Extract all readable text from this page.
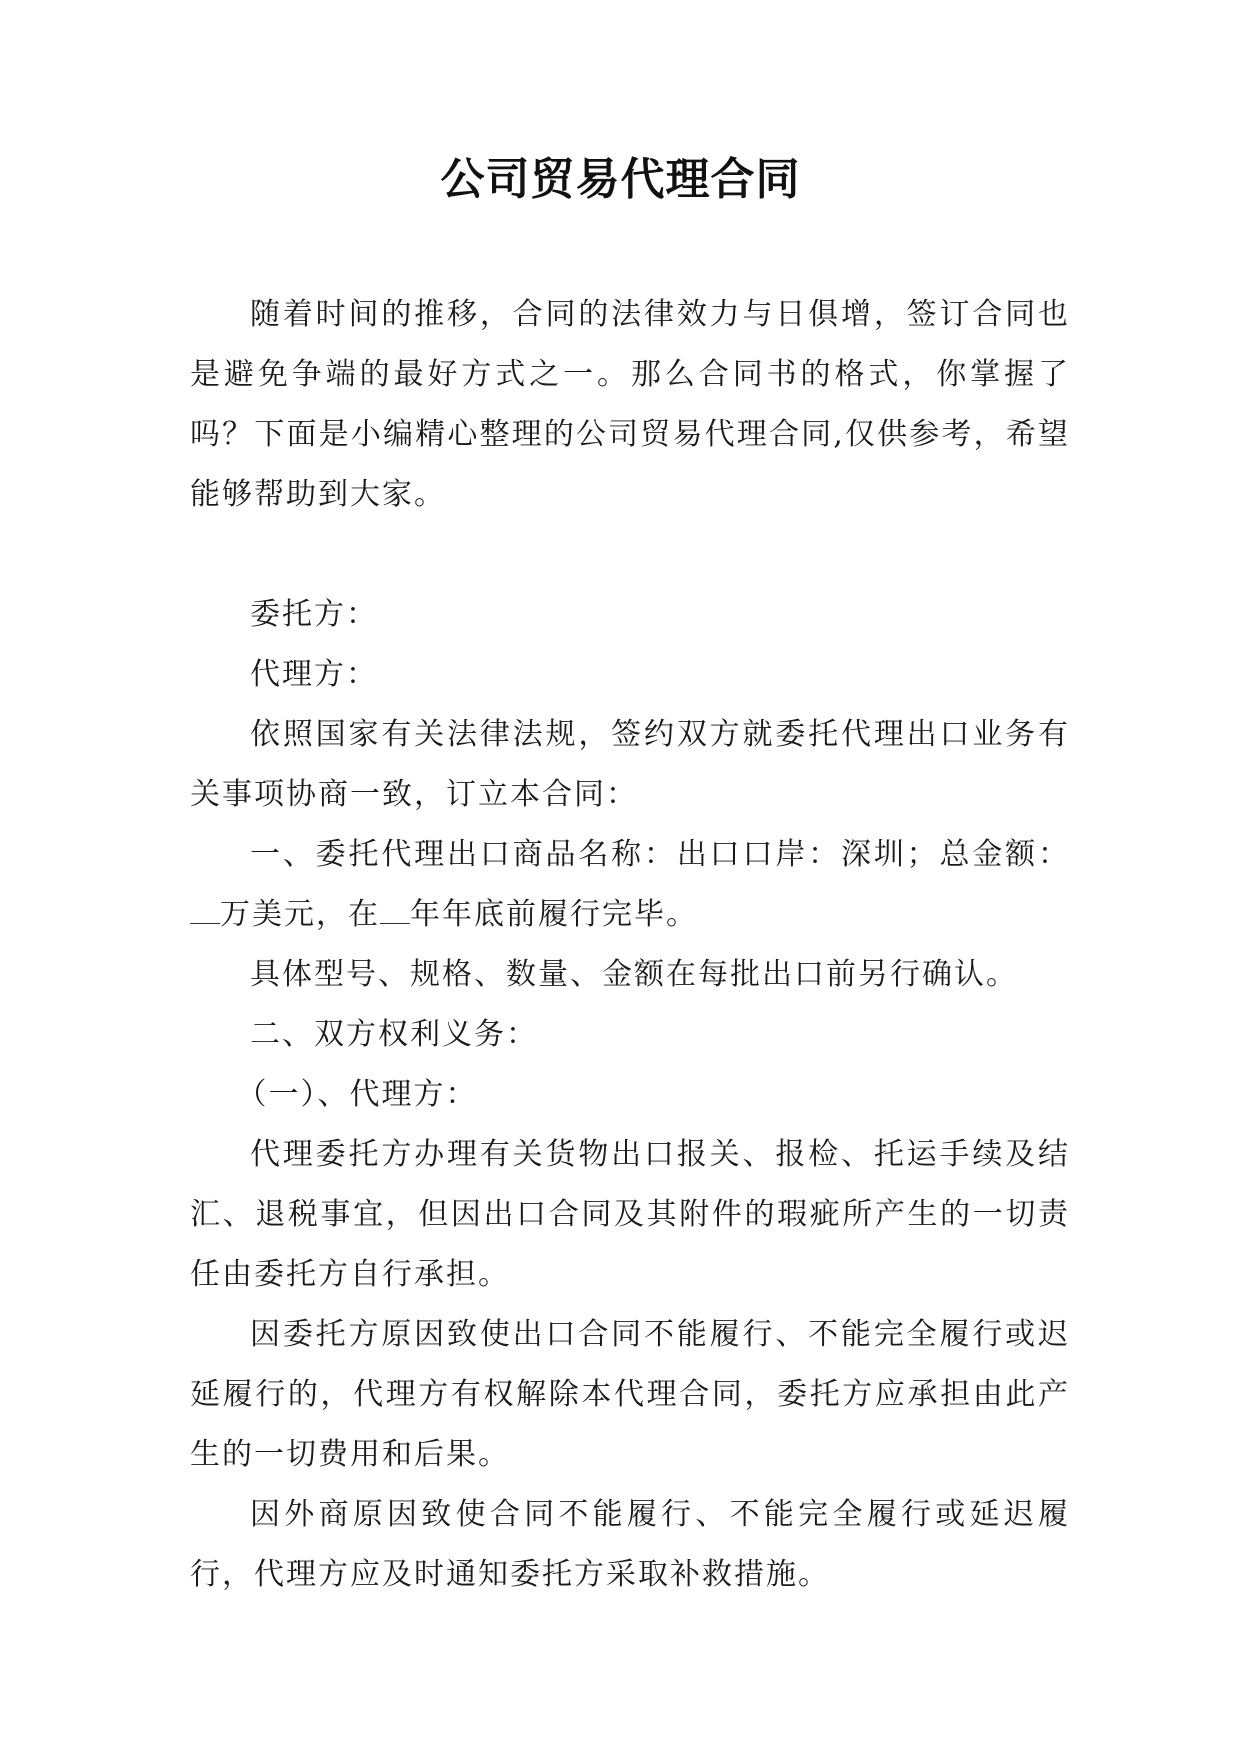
公司贸易代理合同

随着时间的推移，合同的法律效力与日俱增，签订合同也是避免争端的最好方式之一。那么合同书的格式，你掌握了吗？下面是小编精心整理的公司贸易代理合同,仅供参考，希望能够帮助到大家。

委托方：

代理方：

依照国家有关法律法规，签约双方就委托代理出口业务有关事项协商一致，订立本合同：

一、委托代理出口商品名称：出口口岸：深圳；总金额：万美元，在 年年底前履行完毕。

具体型号、规格、数量、金额在每批出口前另行确认。

二、双方权利义务：

（一）、代理方：

代理委托方办理有关货物出口报关、报检、托运手续及结汇、退税事宜，但因出口合同及其附件的瑕疵所产生的一切责任由委托方自行承担。

因委托方原因致使出口合同不能履行、不能完全履行或迟延履行的，代理方有权解除本代理合同，委托方应承担由此产生的一切费用和后果。

因外商原因致使合同不能履行、不能完全履行或延迟履行，代理方应及时通知委托方采取补救措施。
